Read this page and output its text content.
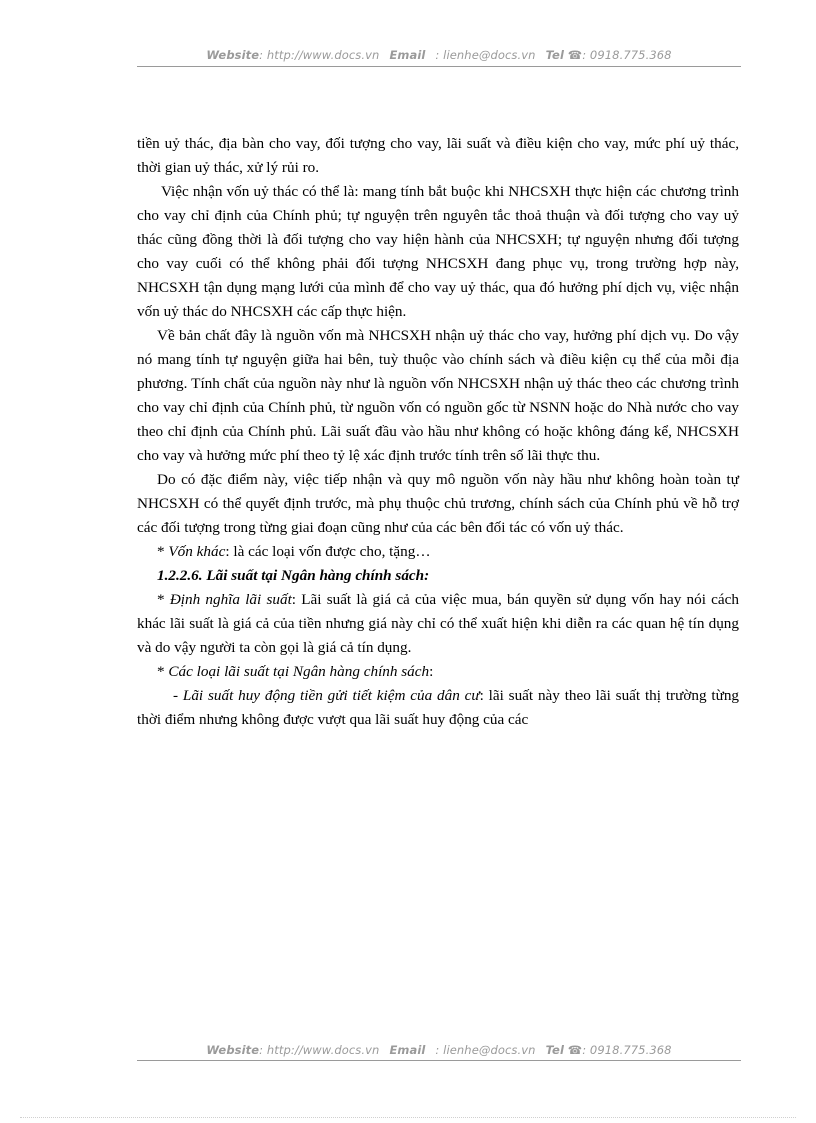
Website: http://www.docs.vn Email : lienhe@docs.vn Tel ☎: 0918.775.368

tiền uỷ thác, địa bàn cho vay, đối tượng cho vay, lãi suất và điều kiện cho vay, mức phí uỷ thác, thời gian uỷ thác, xử lý rủi ro.

Việc nhận vốn uỷ thác có thể là: mang tính bắt buộc khi NHCSXH thực hiện các chương trình cho vay chỉ định của Chính phủ; tự nguyện trên nguyên tắc thoả thuận và đối tượng cho vay uỷ thác cũng đồng thời là đối tượng cho vay hiện hành của NHCSXH; tự nguyện nhưng đối tượng cho vay cuối có thể không phải đối tượng NHCSXH đang phục vụ, trong trường hợp này, NHCSXH tận dụng mạng lưới của mình để cho vay uỷ thác, qua đó hưởng phí dịch vụ, việc nhận vốn uỷ thác do NHCSXH các cấp thực hiện.

Về bản chất đây là nguồn vốn mà NHCSXH nhận uỷ thác cho vay, hưởng phí dịch vụ. Do vậy nó mang tính tự nguyện giữa hai bên, tuỳ thuộc vào chính sách và điều kiện cụ thể của mỗi địa phương. Tính chất của nguồn này như là nguồn vốn NHCSXH nhận uỷ thác theo các chương trình cho vay chỉ định của Chính phủ, từ nguồn vốn có nguồn gốc từ NSNN hoặc do Nhà nước cho vay theo chỉ định của Chính phủ. Lãi suất đầu vào hầu như không có hoặc không đáng kể, NHCSXH cho vay và hưởng mức phí theo tỷ lệ xác định trước tính trên số lãi thực thu.

Do có đặc điểm này, việc tiếp nhận và quy mô nguồn vốn này hầu như không hoàn toàn tự NHCSXH có thể quyết định trước, mà phụ thuộc chủ trương, chính sách của Chính phủ về hỗ trợ các đối tượng trong từng giai đoạn cũng như của các bên đối tác có vốn uỷ thác.

* Vốn khác: là các loại vốn được cho, tặng…

1.2.2.6. Lãi suất tại Ngân hàng chính sách:

* Định nghĩa lãi suất: Lãi suất là giá cả của việc mua, bán quyền sử dụng vốn hay nói cách khác lãi suất là giá cả của tiền nhưng giá này chỉ có thể xuất hiện khi diễn ra các quan hệ tín dụng và do vậy người ta còn gọi là giá cả tín dụng.

* Các loại lãi suất tại Ngân hàng chính sách:

- Lãi suất huy động tiền gửi tiết kiệm của dân cư: lãi suất này theo lãi suất thị trường từng thời điểm nhưng không được vượt qua lãi suất huy động của các

Website: http://www.docs.vn Email : lienhe@docs.vn Tel ☎: 0918.775.368
